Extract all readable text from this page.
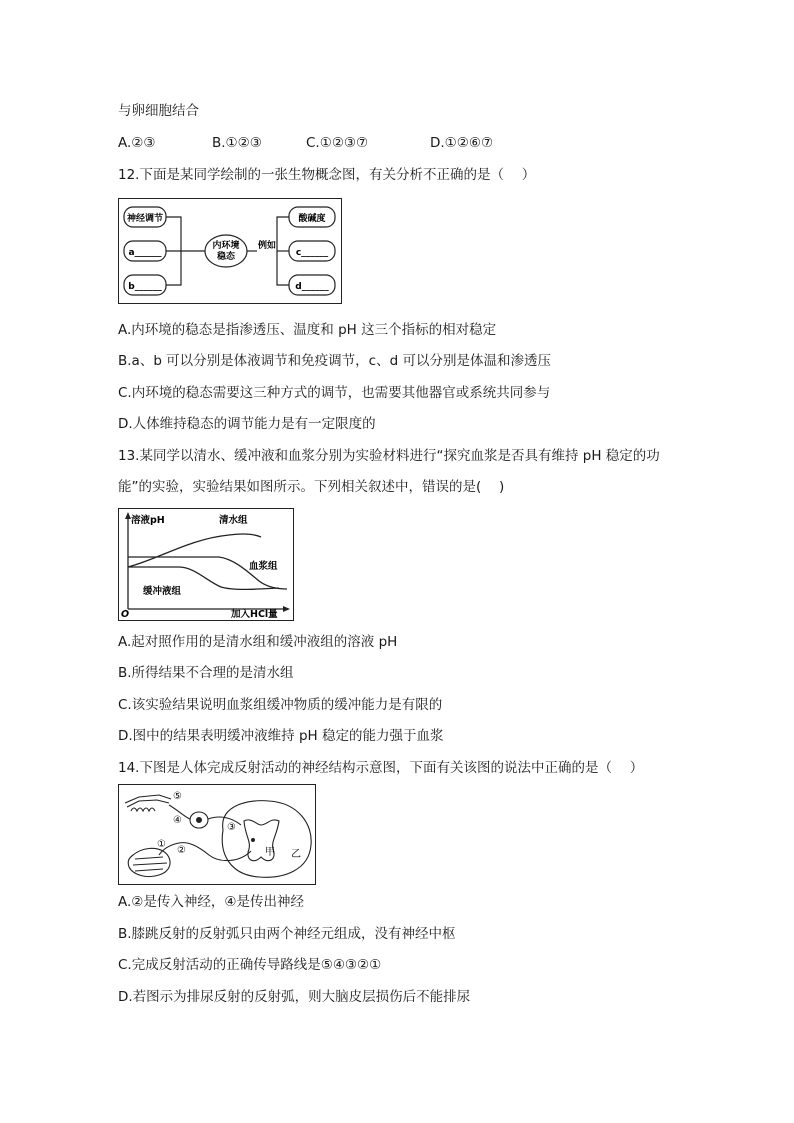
与卵细胞结合
A.②③	B.①②③	C.①②③⑦	D.①②⑥⑦
12.下面是某同学绘制的一张生物概念图，有关分析不正确的是（　 ）
神经调节
a______
b______
内环境
稳态
例如
酸碱度
c______
d______
A.内环境的稳态是指渗透压、温度和 pH 这三个指标的相对稳定
B.a、b 可以分别是体液调节和免疫调节，c、d 可以分别是体温和渗透压
C.内环境的稳态需要这三种方式的调节，也需要其他器官或系统共同参与
D.人体维持稳态的调节能力是有一定限度的
13.某同学以清水、缓冲液和血浆分别为实验材料进行“探究血浆是否具有维持 pH 稳定的功
能”的实验，实验结果如图所示。下列相关叙述中，错误的是(　 )
溶液pH	清水组
血浆组
缓冲液组
O	加入HCl量
A.起对照作用的是清水组和缓冲液组的溶液 pH
B.所得结果不合理的是清水组
C.该实验结果说明血浆组缓冲物质的缓冲能力是有限的
D.图中的结果表明缓冲液维持 pH 稳定的能力强于血浆
14.下图是人体完成反射活动的神经结构示意图，下面有关该图的说法中正确的是（　 ）
⑤
④
③
②
①
甲 乙
A.②是传入神经，④是传出神经
B.膝跳反射的反射弧只由两个神经元组成，没有神经中枢
C.完成反射活动的正确传导路线是⑤④③②①
D.若图示为排尿反射的反射弧，则大脑皮层损伤后不能排尿
